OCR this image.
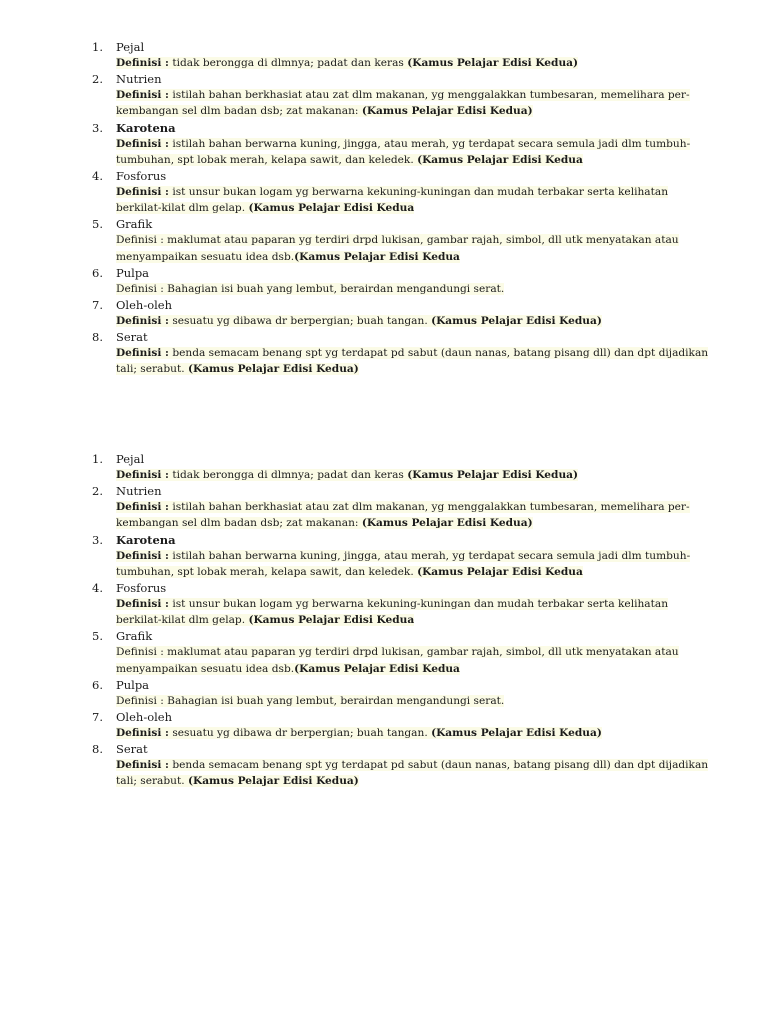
1. Pejal
Definisi : tidak berongga di dlmnya; padat dan keras (Kamus Pelajar Edisi Kedua)
2. Nutrien
Definisi : istilah bahan berkhasiat atau zat dlm makanan, yg menggalakkan tumbesaran, memelihara per-
kembangan sel dlm badan dsb; zat makanan: (Kamus Pelajar Edisi Kedua)
3. Karotena
Definisi : istilah bahan berwarna kuning, jingga, atau merah, yg terdapat secara semula jadi dlm tumbuh-
tumbuhan, spt lobak merah, kelapa sawit, dan keledek. (Kamus Pelajar Edisi Kedua
4. Fosforus
Definisi : ist unsur bukan logam yg berwarna kekuning-kuningan dan mudah terbakar serta kelihatan
berkilat-kilat dlm gelap. (Kamus Pelajar Edisi Kedua
5. Grafik
Definisi : maklumat atau paparan yg terdiri drpd lukisan, gambar rajah, simbol, dll utk menyatakan atau
menyampaikan sesuatu idea dsb.(Kamus Pelajar Edisi Kedua
6. Pulpa
Definisi : Bahagian isi buah yang lembut, berairdan mengandungi serat.
7. Oleh-oleh
Definisi : sesuatu yg dibawa dr berpergian; buah tangan. (Kamus Pelajar Edisi Kedua)
8. Serat
Definisi : benda semacam benang spt yg terdapat pd sabut (daun nanas, batang pisang dll) dan dpt dijadikan
tali; serabut. (Kamus Pelajar Edisi Kedua)
1. Pejal
Definisi : tidak berongga di dlmnya; padat dan keras (Kamus Pelajar Edisi Kedua)
2. Nutrien
Definisi : istilah bahan berkhasiat atau zat dlm makanan, yg menggalakkan tumbesaran, memelihara per-
kembangan sel dlm badan dsb; zat makanan: (Kamus Pelajar Edisi Kedua)
3. Karotena
Definisi : istilah bahan berwarna kuning, jingga, atau merah, yg terdapat secara semula jadi dlm tumbuh-
tumbuhan, spt lobak merah, kelapa sawit, dan keledek. (Kamus Pelajar Edisi Kedua
4. Fosforus
Definisi : ist unsur bukan logam yg berwarna kekuning-kuningan dan mudah terbakar serta kelihatan
berkilat-kilat dlm gelap. (Kamus Pelajar Edisi Kedua
5. Grafik
Definisi : maklumat atau paparan yg terdiri drpd lukisan, gambar rajah, simbol, dll utk menyatakan atau
menyampaikan sesuatu idea dsb.(Kamus Pelajar Edisi Kedua
6. Pulpa
Definisi : Bahagian isi buah yang lembut, berairdan mengandungi serat.
7. Oleh-oleh
Definisi : sesuatu yg dibawa dr berpergian; buah tangan. (Kamus Pelajar Edisi Kedua)
8. Serat
Definisi : benda semacam benang spt yg terdapat pd sabut (daun nanas, batang pisang dll) dan dpt dijadikan
tali; serabut. (Kamus Pelajar Edisi Kedua)
